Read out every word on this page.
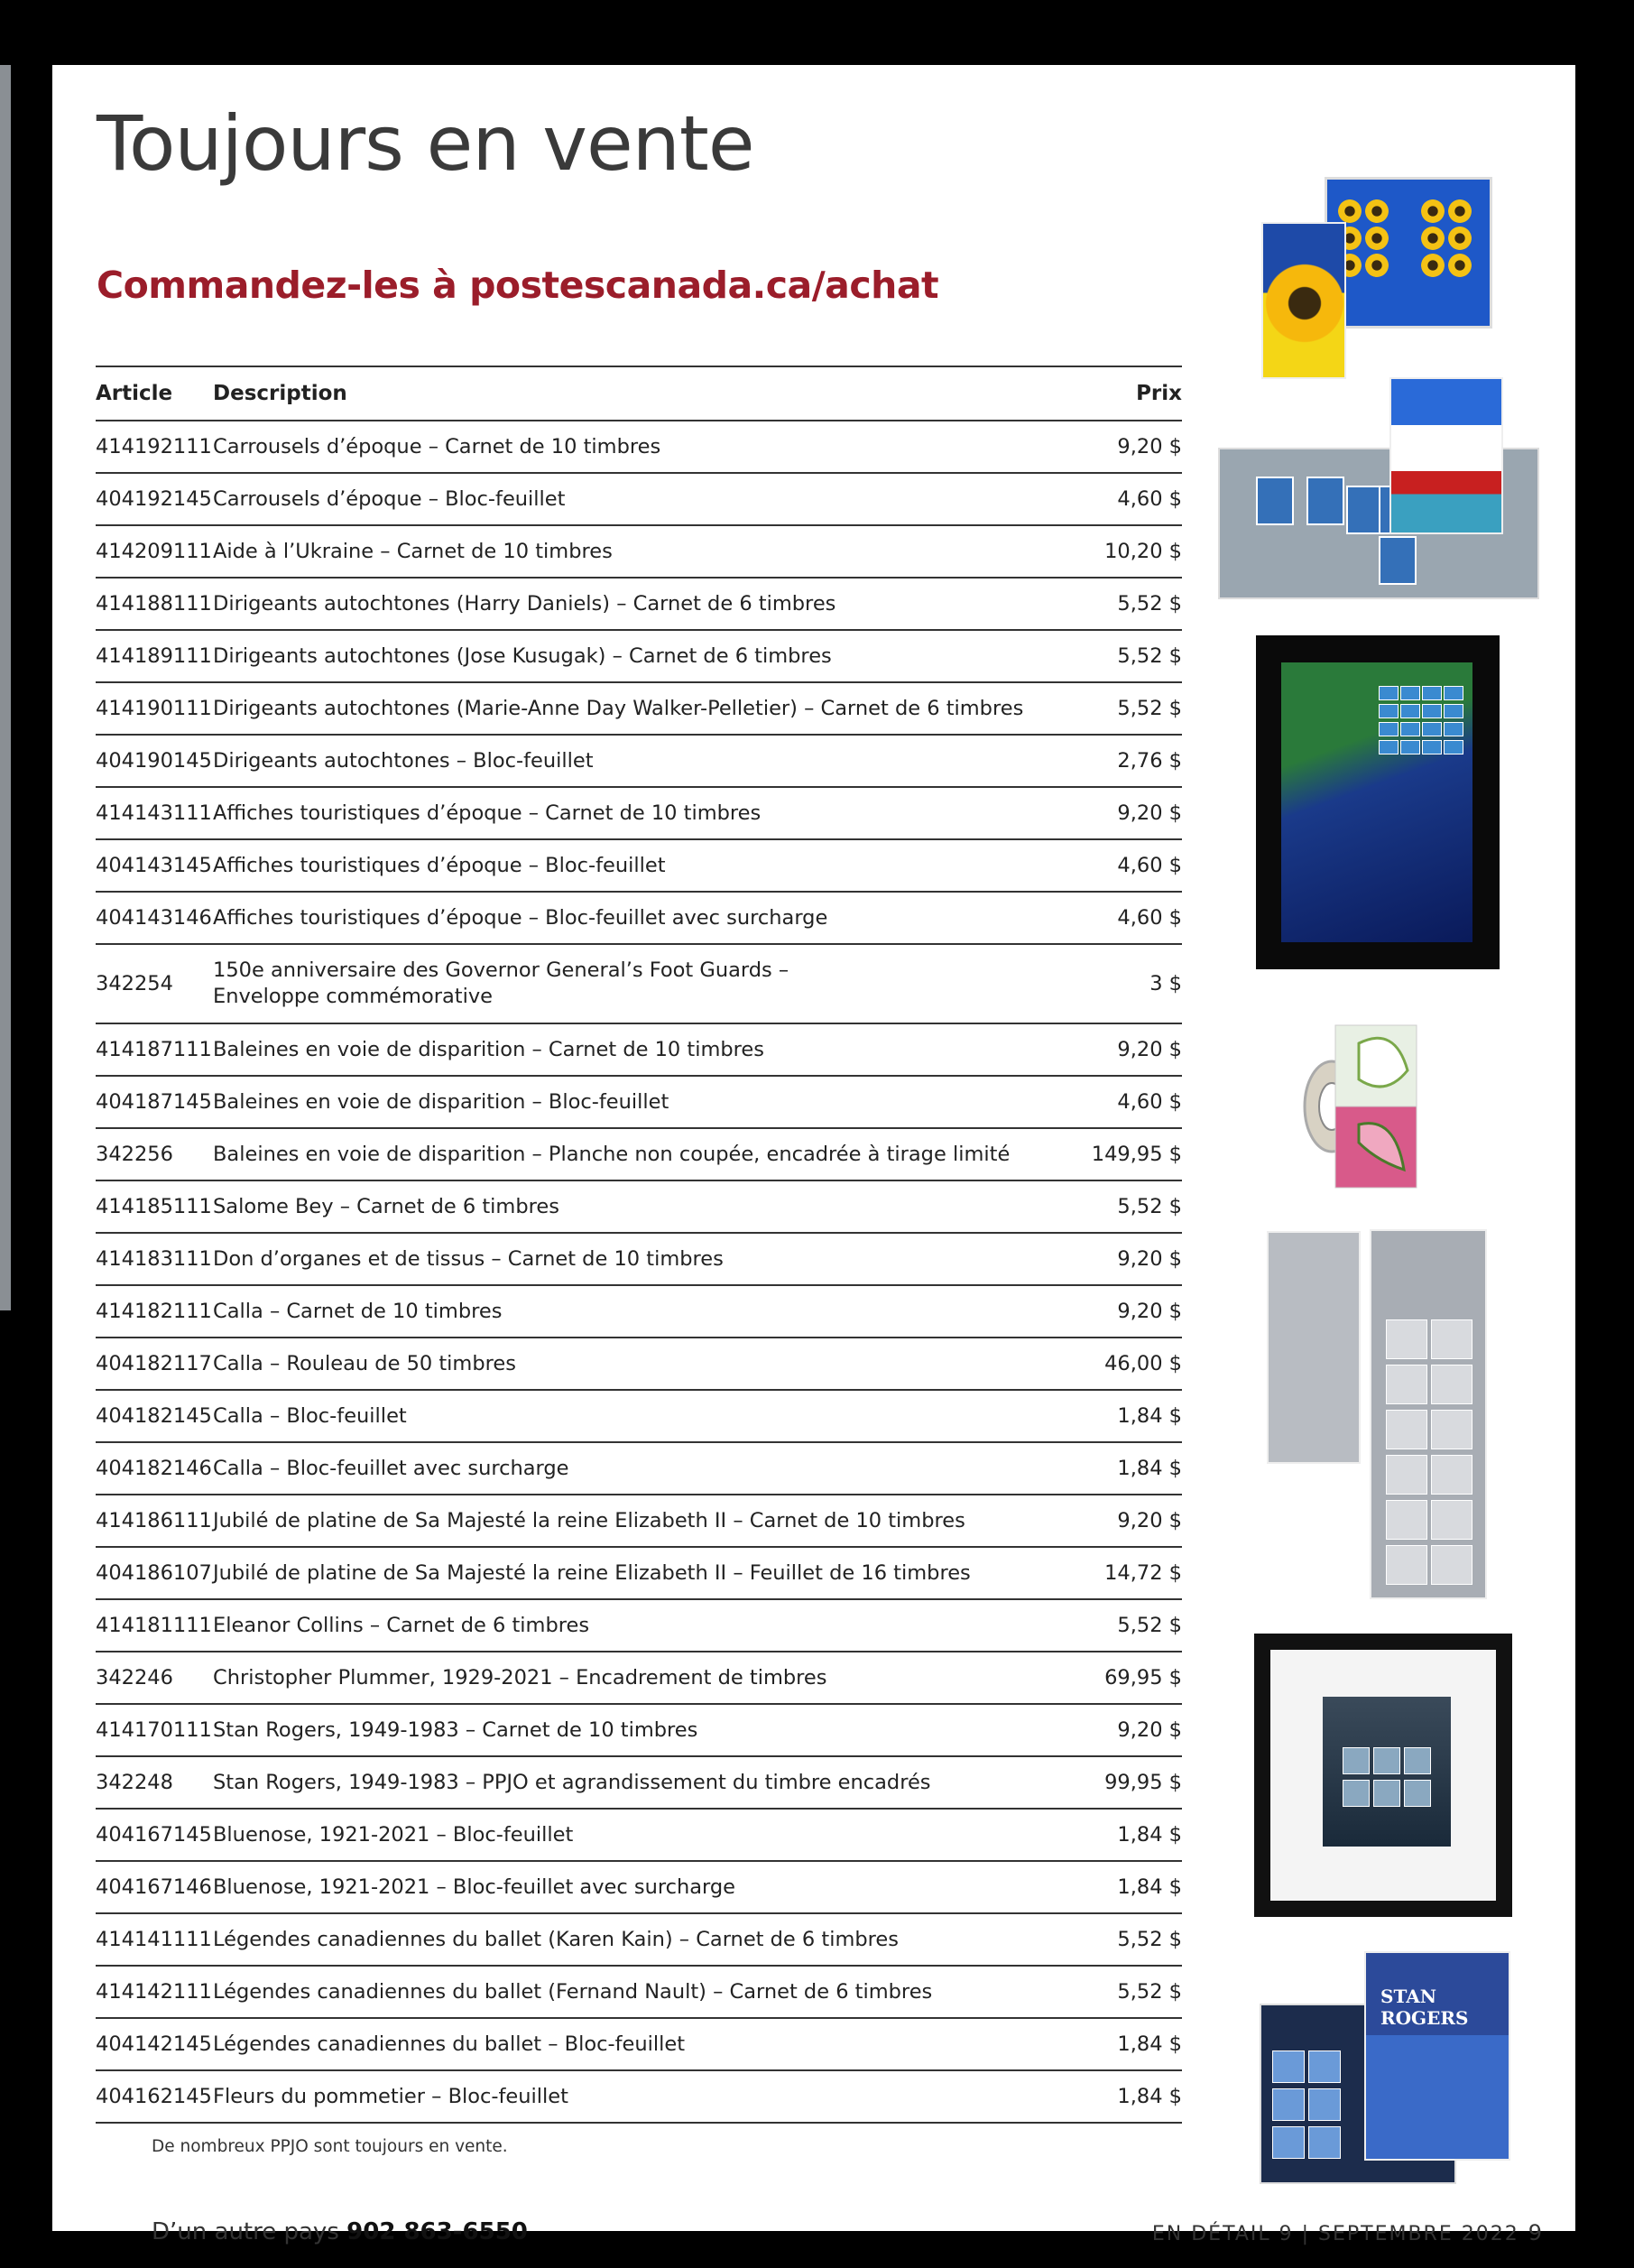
Toujours en vente

Commandez-les à postescanada.ca/achat

Article	Description	Prix
414192111	Carrousels d’époque – Carnet de 10 timbres	9,20 $
404192145	Carrousels d’époque – Bloc-feuillet	4,60 $
414209111	Aide à l’Ukraine – Carnet de 10 timbres	10,20 $
414188111	Dirigeants autochtones (Harry Daniels) – Carnet de 6 timbres	5,52 $
414189111	Dirigeants autochtones (Jose Kusugak) – Carnet de 6 timbres	5,52 $
414190111	Dirigeants autochtones (Marie-Anne Day Walker-Pelletier) – Carnet de 6 timbres	5,52 $
404190145	Dirigeants autochtones – Bloc-feuillet	2,76 $
414143111	Affiches touristiques d’époque – Carnet de 10 timbres	9,20 $
404143145	Affiches touristiques d’époque – Bloc-feuillet	4,60 $
404143146	Affiches touristiques d’époque – Bloc-feuillet avec surcharge	4,60 $
342254	150e anniversaire des Governor General’s Foot Guards –
Enveloppe commémorative	3 $
414187111	Baleines en voie de disparition – Carnet de 10 timbres	9,20 $
404187145	Baleines en voie de disparition – Bloc-feuillet	4,60 $
342256	Baleines en voie de disparition – Planche non coupée, encadrée à tirage limité	149,95 $
414185111	Salome Bey – Carnet de 6 timbres	5,52 $
414183111	Don d’organes et de tissus – Carnet de 10 timbres	9,20 $
414182111	Calla – Carnet de 10 timbres	9,20 $
404182117	Calla – Rouleau de 50 timbres	46,00 $
404182145	Calla – Bloc-feuillet	1,84 $
404182146	Calla – Bloc-feuillet avec surcharge	1,84 $
414186111	Jubilé de platine de Sa Majesté la reine Elizabeth II – Carnet de 10 timbres	9,20 $
404186107	Jubilé de platine de Sa Majesté la reine Elizabeth II – Feuillet de 16 timbres	14,72 $
414181111	Eleanor Collins – Carnet de 6 timbres	5,52 $
342246	Christopher Plummer, 1929-2021 – Encadrement de timbres	69,95 $
414170111	Stan Rogers, 1949-1983 – Carnet de 10 timbres	9,20 $
342248	Stan Rogers, 1949-1983 – PPJO et agrandissement du timbre encadrés	99,95 $
404167145	Bluenose, 1921-2021 – Bloc-feuillet	1,84 $
404167146	Bluenose, 1921-2021 – Bloc-feuillet avec surcharge	1,84 $
414141111	Légendes canadiennes du ballet (Karen Kain) – Carnet de 6 timbres	5,52 $
414142111	Légendes canadiennes du ballet (Fernand Nault) – Carnet de 6 timbres	5,52 $
404142145	Légendes canadiennes du ballet – Bloc-feuillet	1,84 $
404162145	Fleurs du pommetier – Bloc-feuillet	1,84 $
De nombreux PPJO sont toujours en vente.
D’un autre pays 902 863-6550	EN DÉTAIL 9 | SEPTEMBRE 2022 9
STAN ROGERS
